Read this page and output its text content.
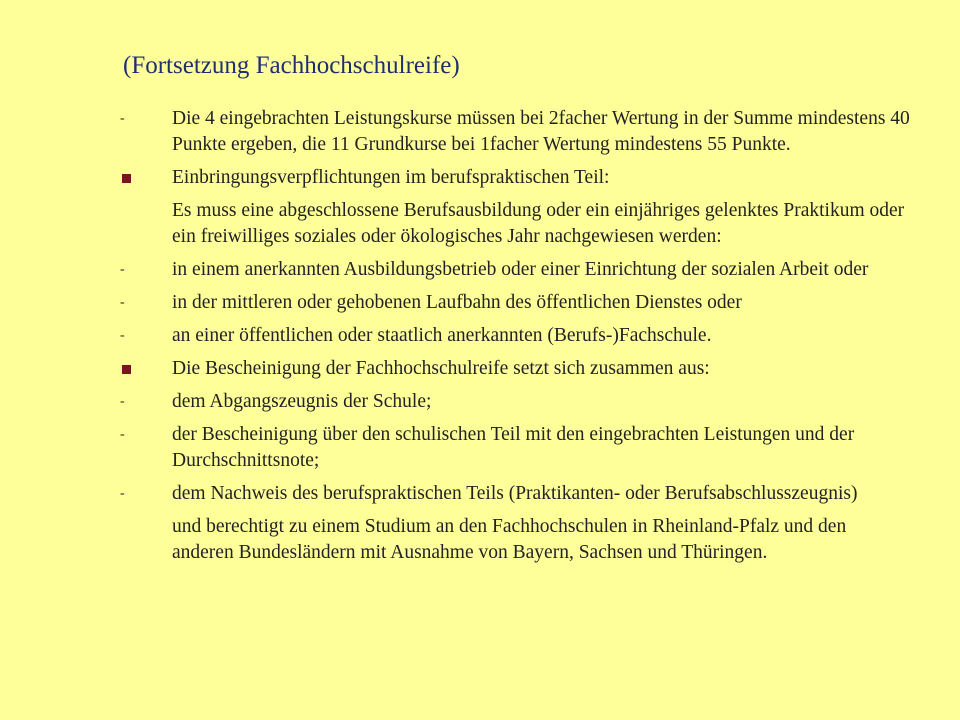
(Fortsetzung Fachhochschulreife)
- Die 4 eingebrachten Leistungskurse müssen bei 2facher Wertung in der Summe mindestens 40 Punkte ergeben, die 11 Grundkurse bei 1facher Wertung mindestens 55 Punkte.
Einbringungsverpflichtungen im berufspraktischen Teil:
Es muss eine abgeschlossene Berufsausbildung oder ein einjähriges gelenktes Praktikum oder ein freiwilliges soziales oder ökologisches Jahr nachgewiesen werden:
- in einem anerkannten Ausbildungsbetrieb oder einer Einrichtung der sozialen Arbeit oder
- in der mittleren oder gehobenen Laufbahn des öffentlichen Dienstes oder
- an einer öffentlichen oder staatlich anerkannten (Berufs-)Fachschule.
Die Bescheinigung der Fachhochschulreife setzt sich zusammen aus:
- dem Abgangszeugnis der Schule;
- der Bescheinigung über den schulischen Teil mit den eingebrachten Leistungen und der Durchschnittsnote;
- dem Nachweis des berufspraktischen Teils (Praktikanten- oder Berufsabschlusszeugnis)
und berechtigt zu einem Studium an den Fachhochschulen in Rheinland-Pfalz und den anderen Bundesländern mit Ausnahme von Bayern, Sachsen und Thüringen.
